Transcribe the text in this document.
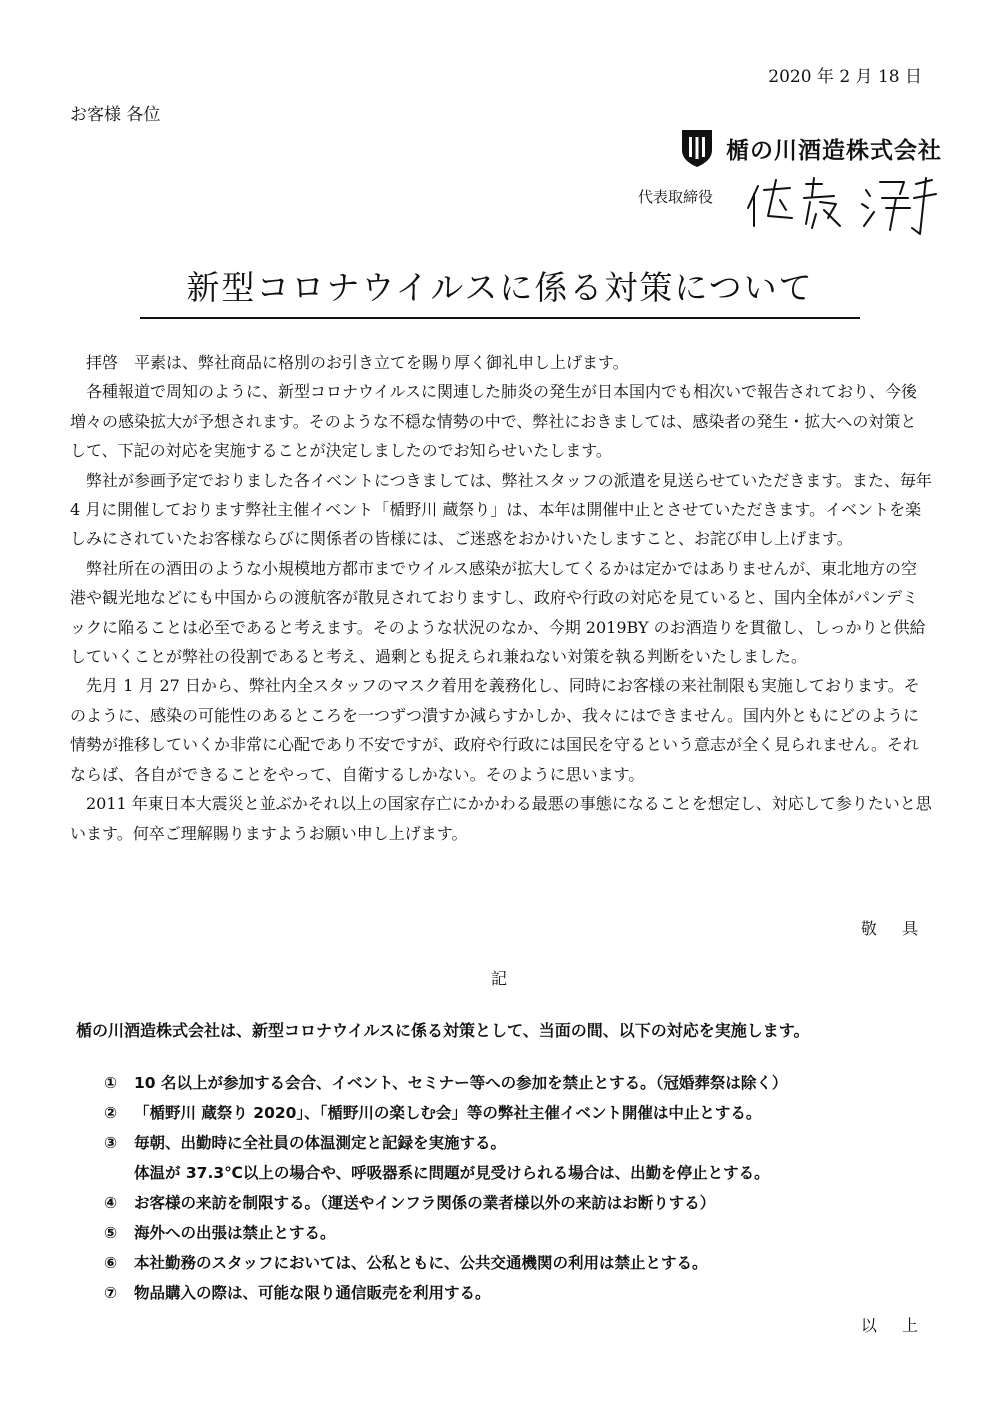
2020 年 2 月 18 日
お客様 各位
楯の川酒造株式会社
代表取締役
新型コロナウイルスに係る対策について

拝啓　平素は、弊社商品に格別のお引き立てを賜り厚く御礼申し上げます。

各種報道で周知のように、新型コロナウイルスに関連した肺炎の発生が日本国内でも相次いで報告されており、今後増々の感染拡大が予想されます。そのような不穏な情勢の中で、弊社におきましては、感染者の発生・拡大への対策として、下記の対応を実施することが決定しましたのでお知らせいたします。

弊社が参画予定でおりました各イベントにつきましては、弊社スタッフの派遣を見送らせていただきます。また、毎年 4 月に開催しております弊社主催イベント「楯野川 蔵祭り」は、本年は開催中止とさせていただきます。イベントを楽しみにされていたお客様ならびに関係者の皆様には、ご迷惑をおかけいたしますこと、お詫び申し上げます。

弊社所在の酒田のような小規模地方都市までウイルス感染が拡大してくるかは定かではありませんが、東北地方の空港や観光地などにも中国からの渡航客が散見されておりますし、政府や行政の対応を見ていると、国内全体がパンデミックに陥ることは必至であると考えます。そのような状況のなか、今期 2019BY のお酒造りを貫徹し、しっかりと供給していくことが弊社の役割であると考え、過剰とも捉えられ兼ねない対策を執る判断をいたしました。

先月 1 月 27 日から、弊社内全スタッフのマスク着用を義務化し、同時にお客様の来社制限も実施しております。そのように、感染の可能性のあるところを一つずつ潰すか減らすかしか、我々にはできません。国内外ともにどのように情勢が推移していくか非常に心配であり不安ですが、政府や行政には国民を守るという意志が全く見られません。それならば、各自ができることをやって、自衛するしかない。そのように思います。

2011 年東日本大震災と並ぶかそれ以上の国家存亡にかかわる最悪の事態になることを想定し、対応して参りたいと思います。何卒ご理解賜りますようお願い申し上げます。

敬 具
記
楯の川酒造株式会社は、新型コロナウイルスに係る対策として、当面の間、以下の対応を実施します。
① 10 名以上が参加する会合、イベント、セミナー等への参加を禁止とする。（冠婚葬祭は除く）
② 「楯野川 蔵祭り 2020」、「楯野川の楽しむ会」等の弊社主催イベント開催は中止とする。
③ 毎朝、出勤時に全社員の体温測定と記録を実施する。
体温が 37.3℃以上の場合や、呼吸器系に問題が見受けられる場合は、出勤を停止とする。
④ お客様の来訪を制限する。（運送やインフラ関係の業者様以外の来訪はお断りする）
⑤ 海外への出張は禁止とする。
⑥ 本社勤務のスタッフにおいては、公私ともに、公共交通機関の利用は禁止とする。
⑦ 物品購入の際は、可能な限り通信販売を利用する。
以 上
